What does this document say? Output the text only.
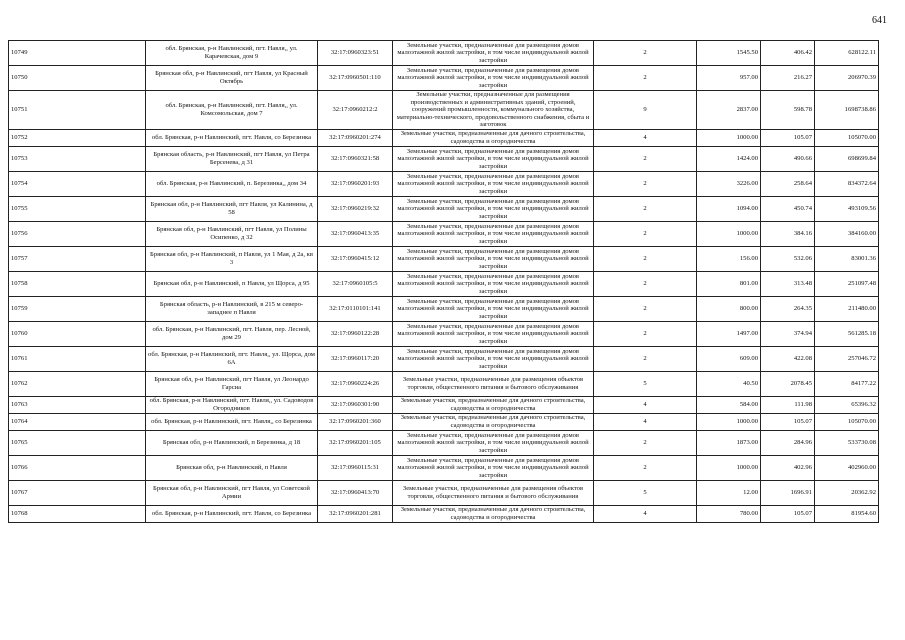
641
10749	обл. Брянская, р-н Навлинский, пгт. Навля,, ул. Карачевская, дом 9	32:17:0960323:51	Земельные участки, предназначенные для размещения домов малоэтажной жилой застройки, в том числе индивидуальной жилой застройки	2	1545.50	406.42	628122.11
10750	Брянская обл, р-н Навлинский, пгт Навля, ул Красный Октябрь	32:17:0960501:110	Земельные участки, предназначенные для размещения домов малоэтажной жилой застройки, в том числе индивидуальной жилой застройки	2	957.00	216.27	206970.39
10751	обл. Брянская, р-н Навлинский, пгт. Навля,, ул. Комсомольская, дом 7	32:17:0960212:2	Земельные участки, предназначенные для размещения производственных и административных зданий, строений, сооружений промышленности, коммунального хозяйства, материально-технического, продовольственного снабжения, сбыта и заготовок	9	2837.00	598.78	1698738.86
10752	обл. Брянская, р-н Навлинский, пгт. Навля, со Березинка	32:17:0960201:274	Земельные участки, предназначенные для дачного строительства, садоводства и огородничества	4	1000.00	105.07	105070.00
10753	Брянская область, р-н Навлинский, пгт Навля, ул Петра Берсенева, д 31	32:17:0960321:58	Земельные участки, предназначенные для размещения домов малоэтажной жилой застройки, в том числе индивидуальной жилой застройки	2	1424.00	490.66	698699.84
10754	обл. Брянская, р-н Навлинский, п. Березинка,, дом 34	32:17:0960201:93	Земельные участки, предназначенные для размещения домов малоэтажной жилой застройки, в том числе индивидуальной жилой застройки	2	3226.00	258.64	834372.64
10755	Брянская обл, р-н Навлинский, пгт Навля, ул Калинина, д 58	32:17:0960219:32	Земельные участки, предназначенные для размещения домов малоэтажной жилой застройки, в том числе индивидуальной жилой застройки	2	1094.00	450.74	493109.56
10756	Брянская обл, р-н Навлинский, пгт Навля, ул Полины Осипенко, д 32	32:17:0960413:35	Земельные участки, предназначенные для размещения домов малоэтажной жилой застройки, в том числе индивидуальной жилой застройки	2	1000.00	384.16	384160.00
10757	Брянская обл, р-н Навлинский, п Навля, ул 1 Мая, д 2а, кв 3	32:17:0960415:12	Земельные участки, предназначенные для размещения домов малоэтажной жилой застройки, в том числе индивидуальной жилой застройки	2	156.00	532.06	83001.36
10758	Брянская обл, р-н Навлинский, п Навля, ул Щорса, д 95	32:17:0960105:5	Земельные участки, предназначенные для размещения домов малоэтажной жилой застройки, в том числе индивидуальной жилой застройки	2	801.00	313.48	251097.48
10759	Брянская область, р-н Навлинский, в 215 м северо-западнее п Навля	32:17:0110101:141	Земельные участки, предназначенные для размещения домов малоэтажной жилой застройки, в том числе индивидуальной жилой застройки	2	800.00	264.35	211480.00
10760	обл. Брянская, р-н Навлинский, пгт. Навля, пер. Лесной, дом 29	32:17:0960122:28	Земельные участки, предназначенные для размещения домов малоэтажной жилой застройки, в том числе индивидуальной жилой застройки	2	1497.00	374.94	561285.18
10761	обл. Брянская, р-н Навлинский, пгт. Навля,, ул. Щорса, дом 6А	32:17:0960117:20	Земельные участки, предназначенные для размещения домов малоэтажной жилой застройки, в том числе индивидуальной жилой застройки	2	609.00	422.08	257046.72
10762	Брянская обл, р-н Навлинский, пгт Навля, ул Леонардо Гарсиа	32:17:0960224:26	Земельные участки, предназначенные для размещения объектов торговли, общественного питания и бытового обслуживания	5	40.50	2078.45	84177.22
10763	обл. Брянская, р-н Навлинский, пгт. Навля,, ул. Садоводов Огородников	32:17:0960301:90	Земельные участки, предназначенные для дачного строительства, садоводства и огородничества	4	584.00	111.98	65396.32
10764	обл. Брянская, р-н Навлинский, пгт. Навля,, со Березинка	32:17:0960201:360	Земельные участки, предназначенные для дачного строительства, садоводства и огородничества	4	1000.00	105.07	105070.00
10765	Брянская обл, р-н Навлинский, п Березинка, д 18	32:17:0960201:105	Земельные участки, предназначенные для размещения домов малоэтажной жилой застройки, в том числе индивидуальной жилой застройки	2	1873.00	284.96	533730.08
10766	Брянская обл, р-н Навлинский, п Навля	32:17:0960115:31	Земельные участки, предназначенные для размещения домов малоэтажной жилой застройки, в том числе индивидуальной жилой застройки	2	1000.00	402.96	402960.00
10767	Брянская обл, р-н Навлинский, пгт Навля, ул Советской Армии	32:17:0960413:70	Земельные участки, предназначенные для размещения объектов торговли, общественного питания и бытового обслуживания	5	12.00	1696.91	20362.92
10768	обл. Брянская, р-н Навлинский, пгт. Навля, со Березинка	32:17:0960201:281	Земельные участки, предназначенные для дачного строительства, садоводства и огородничества	4	780.00	105.07	81954.60
